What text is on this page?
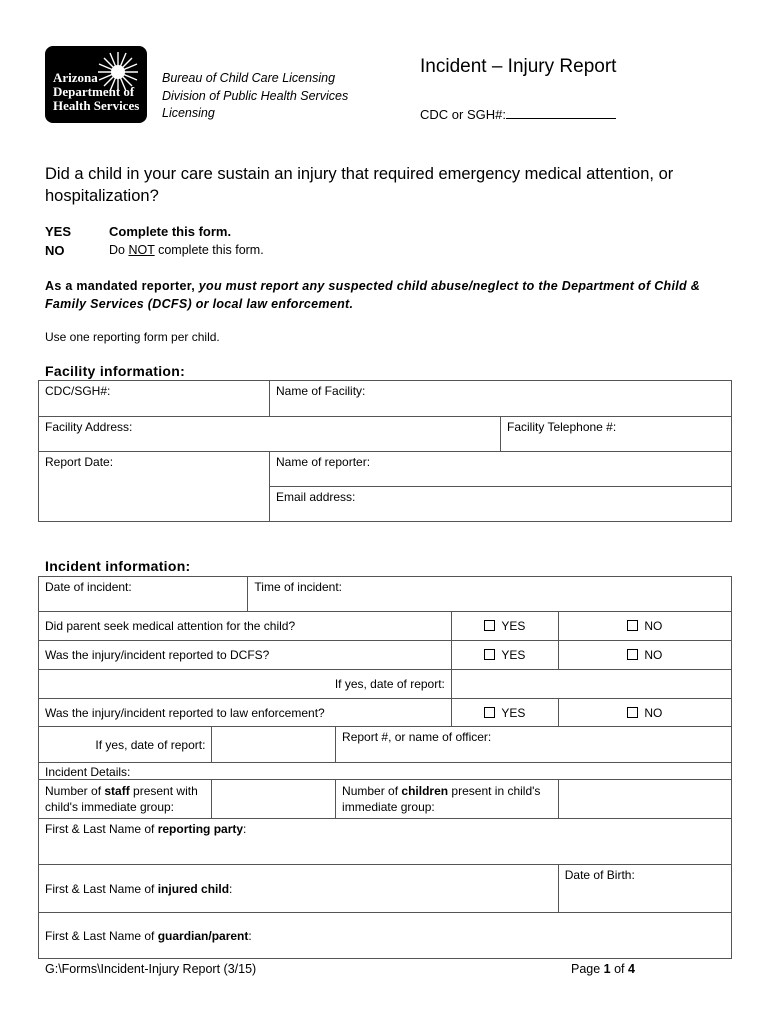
Arizona
Department of
Health Services
Bureau of Child Care Licensing
Division of Public Health Services
Licensing
Incident – Injury Report
CDC or SGH#:
Did a child in your care sustain an injury that required emergency medical attention, or hospitalization?
YES	Complete this form.
NO	Do NOT complete this form.
As a mandated reporter, you must report any suspected child abuse/neglect to the Department of Child & Family Services (DCFS) or local law enforcement.
Use one reporting form per child.
Facility information:
CDC/SGH#:	Name of Facility:	
Facility Address:		Facility Telephone #:
Report Date:	Name of reporter:	
	Email address:	
Incident information:
Date of incident:		Time of incident:			
Did parent seek medical attention for the child?				YES	NO
Was the injury/incident reported to DCFS?				YES	NO
If yes, date of report:					
Was the injury/incident reported to law enforcement?				YES	NO
If yes, date of report:			Report #, or name of officer:		
Incident Details:					
Number of staff present with child's immediate group:			Number of children present in child's immediate group:		
First & Last Name of reporting party:					
First & Last Name of injured child:					Date of Birth:
First & Last Name of guardian/parent:					
G:\Forms\Incident-Injury Report (3/15)	Page 1 of 4
